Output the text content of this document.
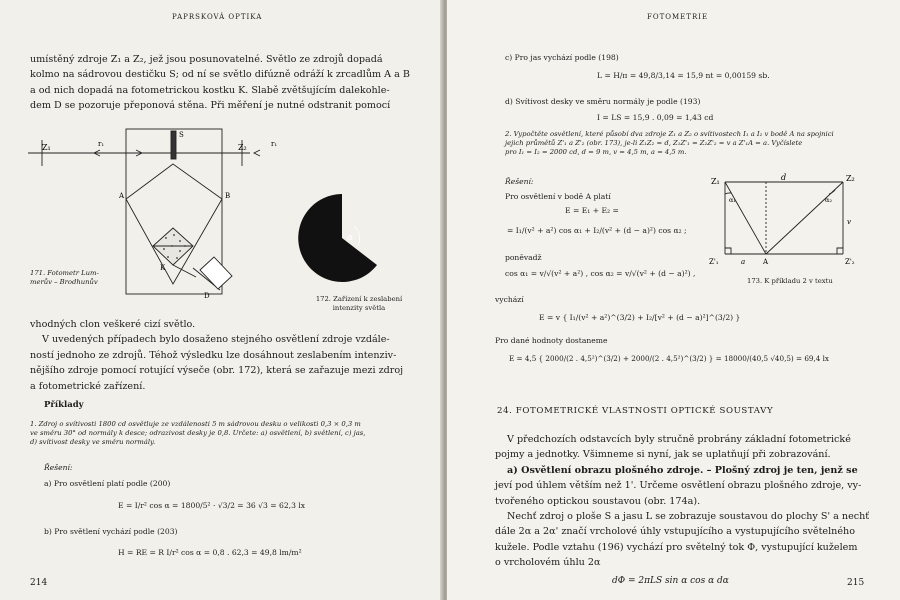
PAPRSKOVÁ OPTIKA
umístěný zdroje Z₁ a Z₂, jež jsou posunovatelné. Světlo ze zdrojů dopadá
kolmo na sádrovou destičku S; od ní se světlo difúzně odráží k zrcadlům A a B
a od nich dopadá na fotometrickou kostku K. Slabě zvětšujícím dalekohle-
dem D se pozoruje přeponová stěna. Při měření je nutné odstranit pomocí
Z₁	Z₂
r₁	r₁
S
A	B
K
D
171. Fotometr Lum-
merův – Brodhunův
α
172. Zařízení k zeslabení
intenzity světla
vhodných clon veškeré cizí světlo.
V uvedených případech bylo dosaženo stejného osvětlení zdroje vzdále-
ností jednoho ze zdrojů. Téhož výsledku lze dosáhnout zeslabením intenziv-
nějšího zdroje pomocí rotující výseče (obr. 172), která se zařazuje mezi zdroj
a fotometrické zařízení.
Příklady
1. Zdroj o svítivosti 1800 cd osvětluje ze vzdálenosti 5 m sádrovou desku o velikosti 0,3 × 0,3 m
ve směru 30° od normály k desce; odrazivost desky je 0,8. Určete: a) osvětlení, b) světlení, c) jas,
d) svítivost desky ve směru normály.
Řešení:
a) Pro osvětlení platí podle (200)
E = I/r² cos α = 1800/5² · √3/2 = 36 √3 = 62,3 lx
b) Pro světlení vychází podle (203)
H = RE = R I/r² cos α = 0,8 . 62,3 = 49,8 lm/m²
214
FOTOMETRIE
c) Pro jas vychází podle (198)
L = H/π = 49,8/3,14 = 15,9 nt = 0,00159 sb.
d) Svítivost desky ve směru normály je podle (193)
I = LS = 15,9 . 0,09 = 1,43 cd
2. Vypočtěte osvětlení, které působí dva zdroje Z₁ a Z₂ o svítivostech I₁ a I₂ v bodě A na spojnici
jejich průmětů Z'₁ a Z'₂ (obr. 173), je-li Z₁Z₂ = d, Z₁Z'₁ = Z₂Z'₂ = v a Z'₁A = a. Vyčíslete
pro I₁ = I₂ = 2000 cd, d = 9 m, v = 4,5 m, a = 4,5 m.
Řešení:
Pro osvětlení v bodě A platí
E = E₁ + E₂ =
= I₁/(v² + a²) cos α₁ + I₂/(v² + (d − a)²) cos α₂ ;
poněvadž
cos α₁ = v/√(v² + a²) , cos α₂ = v/√(v² + (d − a)²) ,
vychází
E = v { I₁/(v² + a²)^(3/2) + I₂/[v² + (d − a)²]^(3/2) }
Pro dané hodnoty dostaneme
E = 4,5 { 2000/(2 . 4,5²)^(3/2) + 2000/(2 . 4,5²)^(3/2) } = 18000/(40,5 √40,5) = 69,4 lx
Z₁	Z₂
Z'₁	Z'₂
d
v
A
a
α₁	α₂
173. K příkladu 2 v textu
24. FOTOMETRICKÉ VLASTNOSTI OPTICKÉ SOUSTAVY
V předchozích odstavcích byly stručně probrány základní fotometrické
pojmy a jednotky. Všimneme si nyní, jak se uplatňují při zobrazování.
a) Osvětlení obrazu plošného zdroje. – Plošný zdroj je ten, jenž se
jeví pod úhlem větším než 1'. Určeme osvětlení obrazu plošného zdroje, vy-
tvořeného optickou soustavou (obr. 174a).
Nechť zdroj o ploše S a jasu L se zobrazuje soustavou do plochy S' a nechť
dále 2α a 2α' značí vrcholové úhly vstupujícího a vystupujícího světelného
kuželе. Podle vztahu (196) vychází pro světelný tok Φ, vystupující kuželem
o vrcholovém úhlu 2α
dΦ = 2πLS sin α cos α dα	215
